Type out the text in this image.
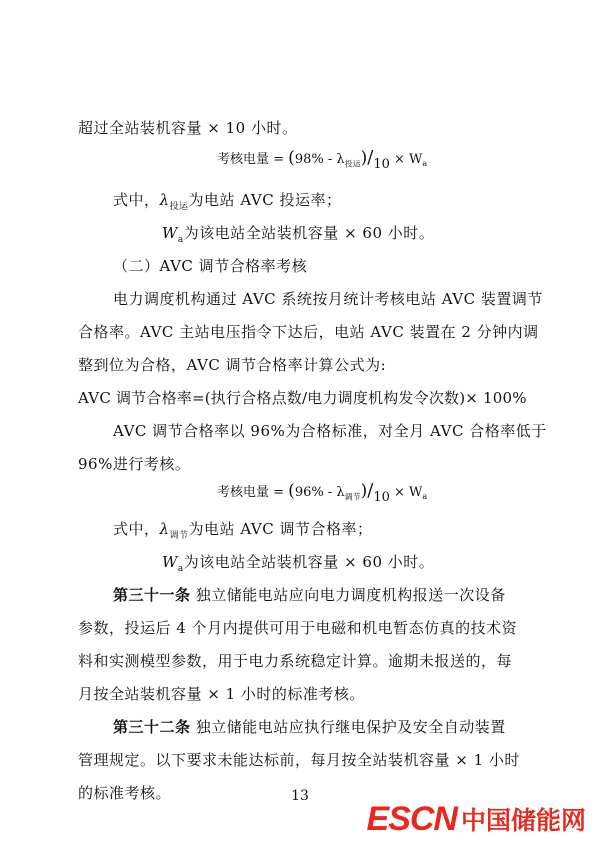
超过全站装机容量 × 10 小时。
考核电量 = $(98\% - \lambda_{投运})/10 \times W_a$
式中，$\lambda_{投运}$为电站 AVC 投运率；
$W_a$为该电站全站装机容量 × 60 小时。
（二）AVC 调节合格率考核
电力调度机构通过 AVC 系统按月统计考核电站 AVC 装置调节
合格率。AVC 主站电压指令下达后，电站 AVC 装置在 2 分钟内调
整到位为合格，AVC 调节合格率计算公式为:
AVC 调节合格率=(执行合格点数/电力调度机构发令次数)× 100%
AVC 调节合格率以 96%为合格标准，对全月 AVC 合格率低于
96%进行考核。
考核电量 = $(96\% - \lambda_{调节})/10 \times W_a$
式中，$\lambda_{调节}$为电站 AVC 调节合格率；
$W_a$为该电站全站装机容量 × 60 小时。
第三十一条 独立储能电站应向电力调度机构报送一次设备
参数，投运后 4 个月内提供可用于电磁和机电暂态仿真的技术资
料和实测模型参数，用于电力系统稳定计算。逾期未报送的，每
月按全站装机容量 × 1 小时的标准考核。
第三十二条 独立储能电站应执行继电保护及安全自动装置
管理规定。以下要求未能达标前，每月按全站装机容量 × 1 小时
的标准考核。	13
ESCN 中国储能网
